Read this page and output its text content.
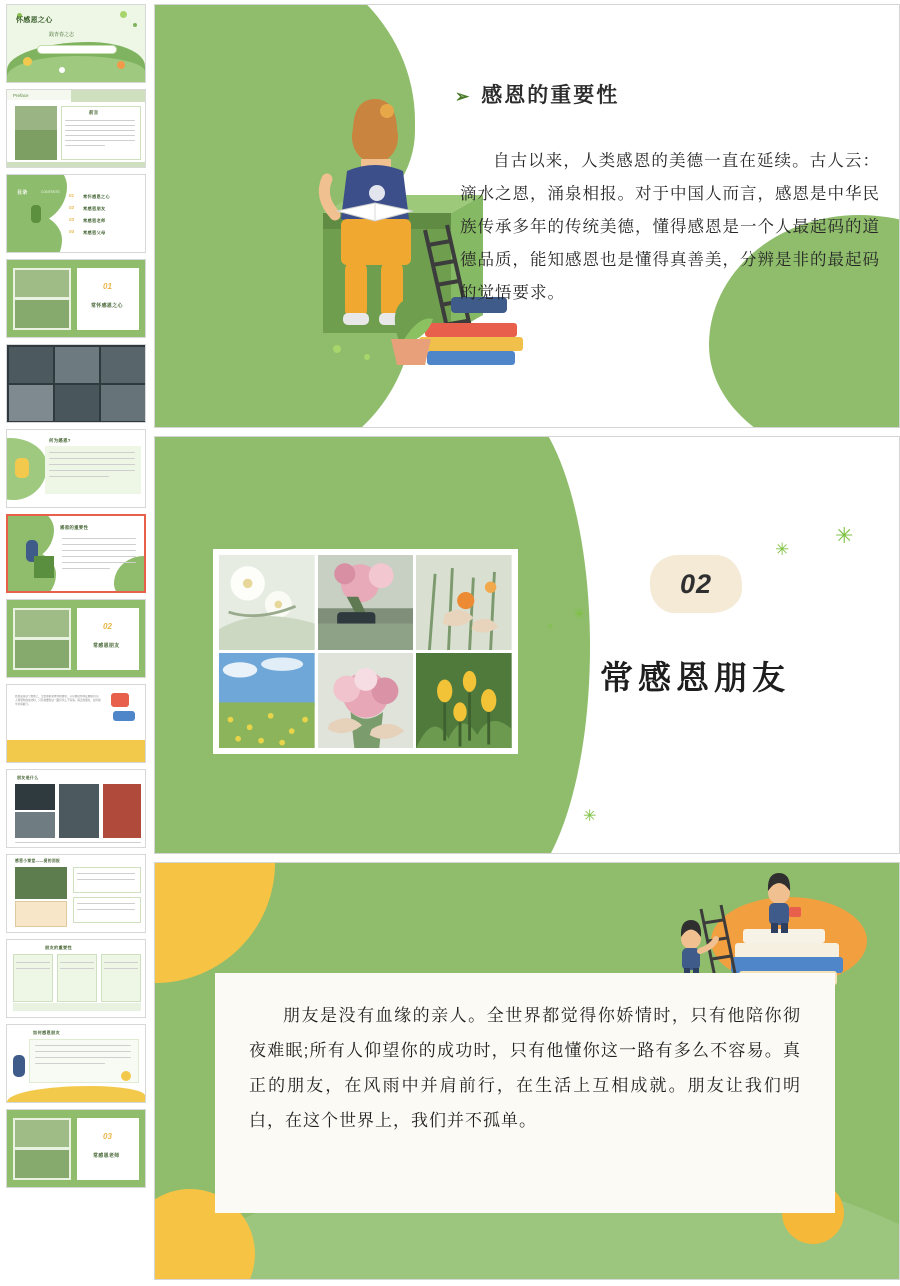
怀感恩之心
践青春之志
Preface
前言
目录	CONTENTS
01 常怀感恩之心
02 常感恩朋友
03 常感恩老师
04 常感恩父母
01
常怀感恩之心
何为感恩?
感恩的重要性
02
常感恩朋友
感恩是是这个地球上，全世界都觉得你娇情时，只有他陪你彻夜难眠;所有人仰望你的成功时，只有他懂你这一路有多么不容易。真正的朋友，在风雨中并肩前行。
朋友是什么
感恩小课堂——爱的回报
朋友的重要性
如何感恩朋友
03
常感恩老师
➢ 感恩的重要性
自古以来，人类感恩的美德一直在延续。古人云：滴水之恩，涌泉相报。对于中国人而言，感恩是中华民族传承多年的传统美德，懂得感恩是一个人最起码的道德品质，能知感恩也是懂得真善美，分辨是非的最起码的觉悟要求。
✳
✳
✳
✳
✳
02
常感恩朋友

朋友是没有血缘的亲人。全世界都觉得你娇情时，只有他陪你彻夜难眠;所有人仰望你的成功时，只有他懂你这一路有多么不容易。真正的朋友，在风雨中并肩前行，在生活上互相成就。朋友让我们明白，在这个世界上，我们并不孤单。
